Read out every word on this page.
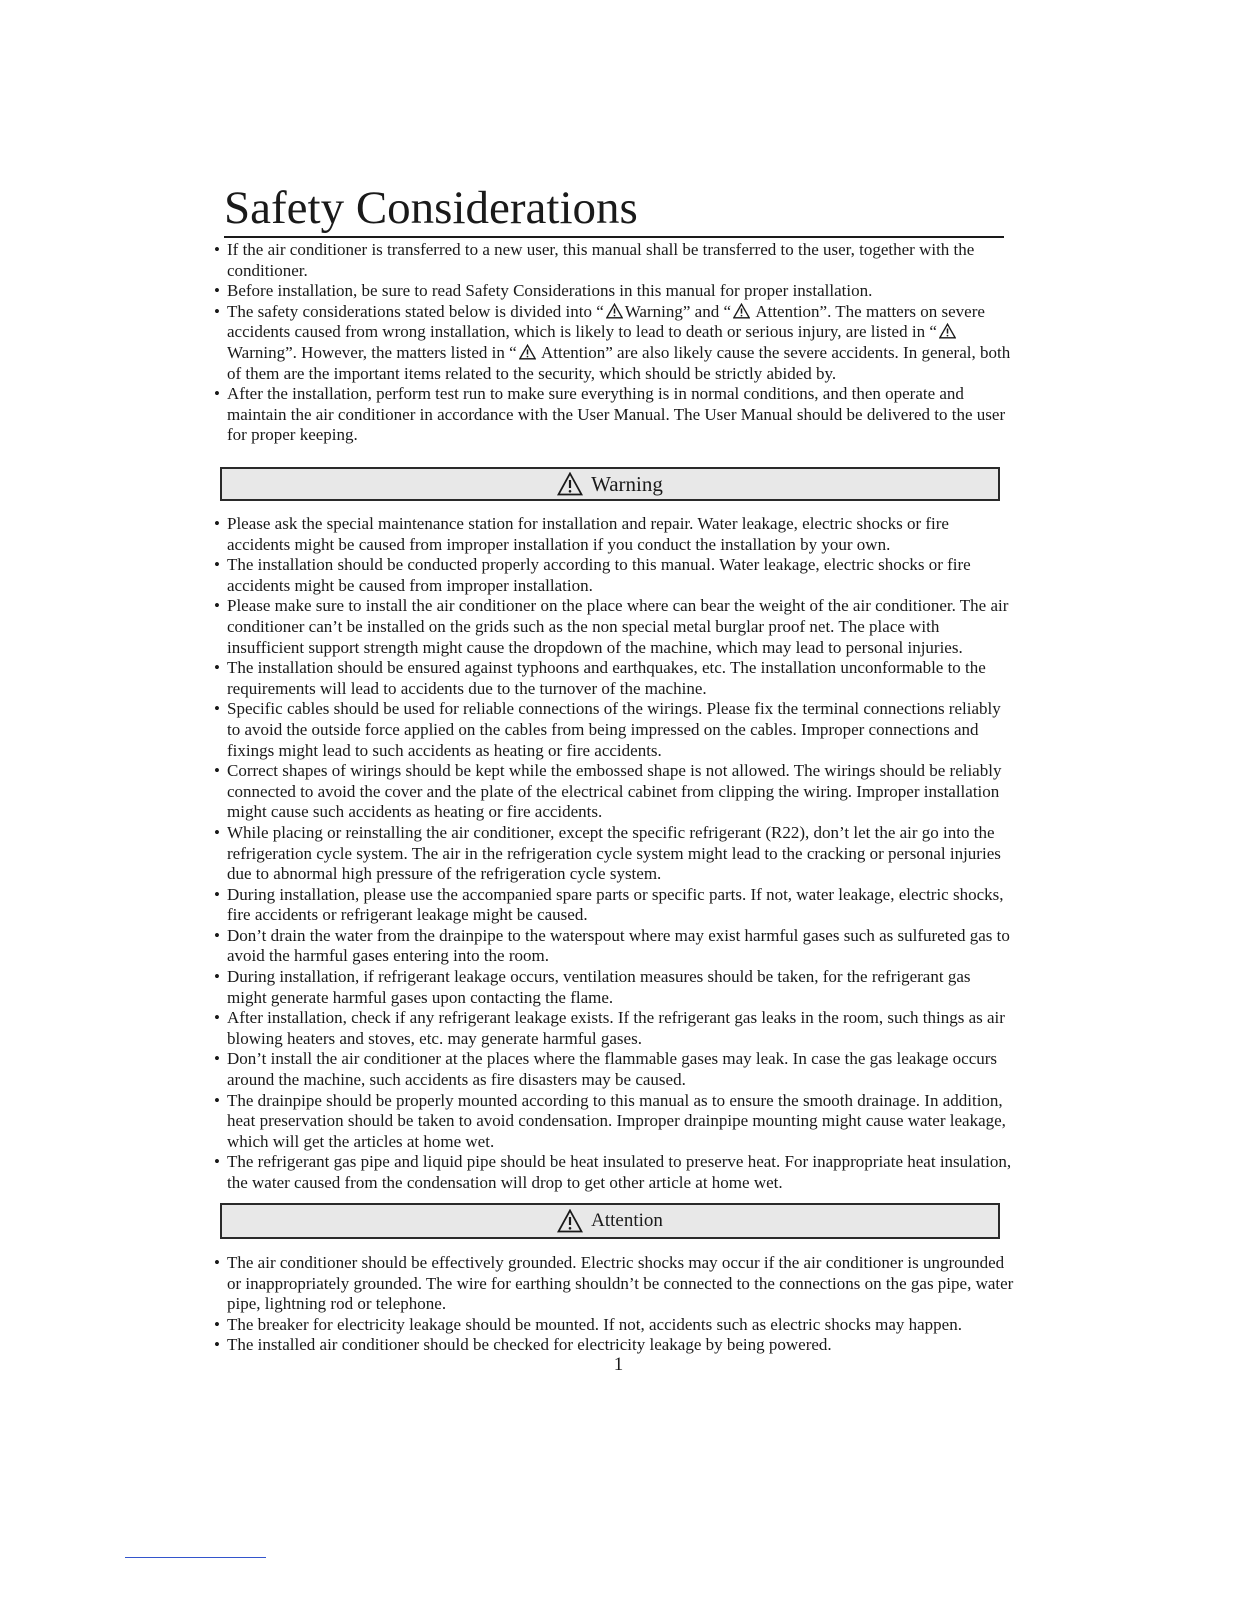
Safety Considerations
• If the air conditioner is transferred to a new user, this manual shall be transferred to the user, together with the conditioner.
• Before installation, be sure to read Safety Considerations in this manual for proper installation.
• The safety considerations stated below is divided into “ Warning” and “ Attention”. The matters on severe accidents caused from wrong installation, which is likely to lead to death or serious injury, are listed in “ Warning”. However, the matters listed in “ Attention” are also likely cause the severe accidents. In general, both of them are the important items related to the security, which should be strictly abided by.
• After the installation, perform test run to make sure everything is in normal conditions, and then operate and maintain the air conditioner in accordance with the User Manual. The User Manual should be delivered to the user for proper keeping.
Warning
• Please ask the special maintenance station for installation and repair. Water leakage, electric shocks or fire accidents might be caused from improper installation if you conduct the installation by your own.
• The installation should be conducted properly according to this manual. Water leakage, electric shocks or fire accidents might be caused from improper installation.
• Please make sure to install the air conditioner on the place where can bear the weight of the air conditioner. The air conditioner can’t be installed on the grids such as the non special metal burglar proof net. The place with insufficient support strength might cause the dropdown of the machine, which may lead to personal injuries.
• The installation should be ensured against typhoons and earthquakes, etc. The installation unconformable to the requirements will lead to accidents due to the turnover of the machine.
• Specific cables should be used for reliable connections of the wirings. Please fix the terminal connections reliably to avoid the outside force applied on the cables from being impressed on the cables. Improper connections and fixings might lead to such accidents as heating or fire accidents.
• Correct shapes of wirings should be kept while the embossed shape is not allowed. The wirings should be reliably connected to avoid the cover and the plate of the electrical cabinet from clipping the wiring. Improper installation might cause such accidents as heating or fire accidents.
• While placing or reinstalling the air conditioner, except the specific refrigerant (R22), don’t let the air go into the refrigeration cycle system. The air in the refrigeration cycle system might lead to the cracking or personal injuries due to abnormal high pressure of the refrigeration cycle system.
• During installation, please use the accompanied spare parts or specific parts. If not, water leakage, electric shocks, fire accidents or refrigerant leakage might be caused.
• Don’t drain the water from the drainpipe to the waterspout where may exist harmful gases such as sulfureted gas to avoid the harmful gases entering into the room.
• During installation, if refrigerant leakage occurs, ventilation measures should be taken, for the refrigerant gas might generate harmful gases upon contacting the flame.
• After installation, check if any refrigerant leakage exists. If the refrigerant gas leaks in the room, such things as air blowing heaters and stoves, etc. may generate harmful gases.
• Don’t install the air conditioner at the places where the flammable gases may leak. In case the gas leakage occurs around the machine, such accidents as fire disasters may be caused.
• The drainpipe should be properly mounted according to this manual as to ensure the smooth drainage. In addition, heat preservation should be taken to avoid condensation. Improper drainpipe mounting might cause water leakage, which will get the articles at home wet.
• The refrigerant gas pipe and liquid pipe should be heat insulated to preserve heat. For inappropriate heat insulation, the water caused from the condensation will drop to get other article at home wet.
Attention
• The air conditioner should be effectively grounded. Electric shocks may occur if the air conditioner is ungrounded or inappropriately grounded. The wire for earthing shouldn’t be connected to the connections on the gas pipe, water pipe, lightning rod or telephone.
• The breaker for electricity leakage should be mounted. If not, accidents such as electric shocks may happen.
• The installed air conditioner should be checked for electricity leakage by being powered.
1
